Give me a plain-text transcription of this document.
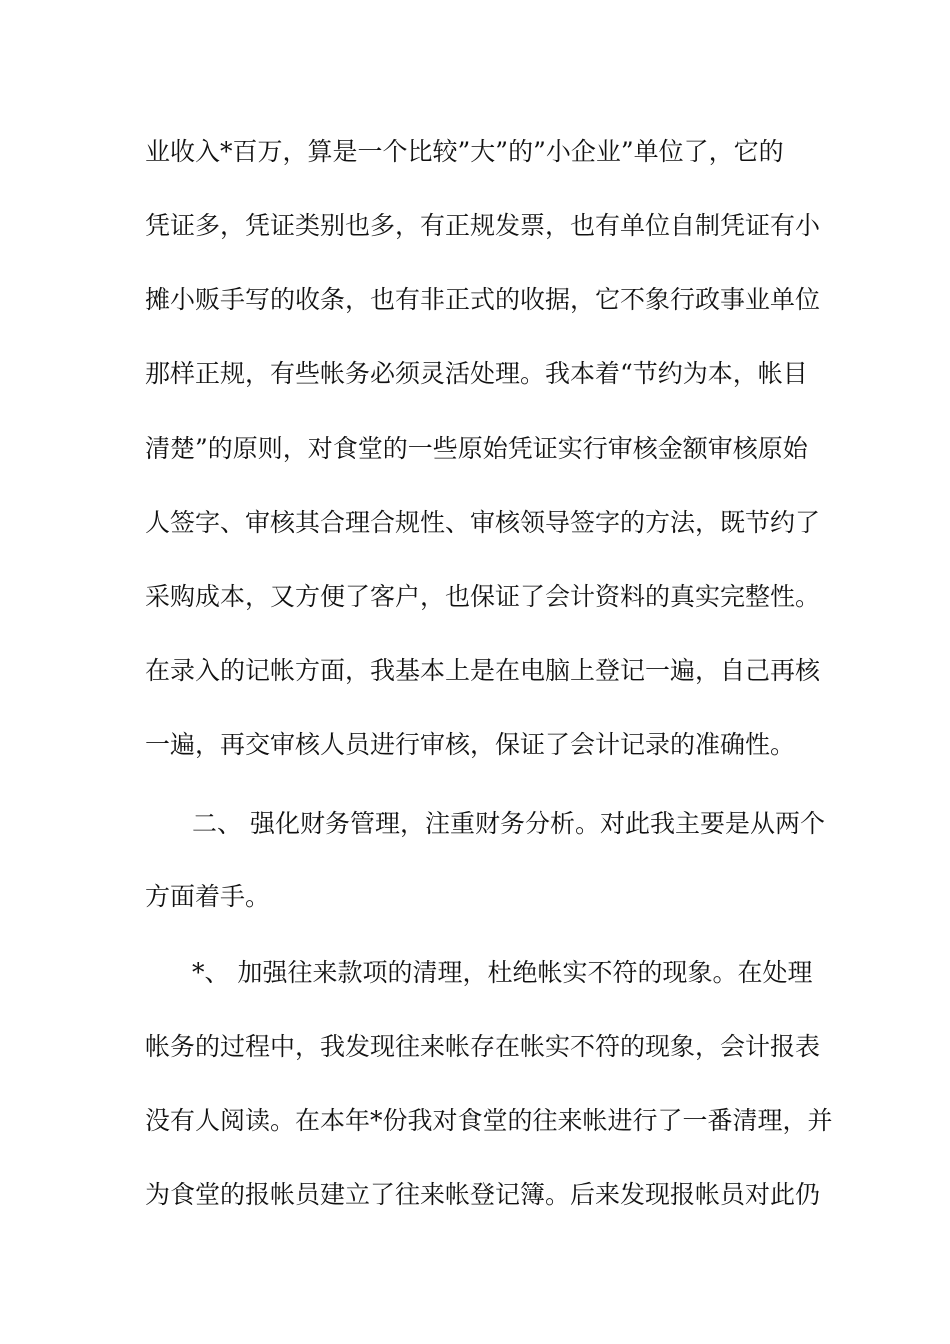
业收入*百万，算是一个比较”大”的”小企业”单位了，它的
凭证多，凭证类别也多，有正规发票，也有单位自制凭证有小
摊小贩手写的收条，也有非正式的收据，它不象行政事业单位
那样正规，有些帐务必须灵活处理。我本着“节约为本，帐目
清楚”的原则，对食堂的一些原始凭证实行审核金额审核原始
人签字、审核其合理合规性、审核领导签字的方法，既节约了
采购成本，又方便了客户，也保证了会计资料的真实完整性。
在录入的记帐方面，我基本上是在电脑上登记一遍，自己再核
一遍，再交审核人员进行审核，保证了会计记录的准确性。
二、 强化财务管理，注重财务分析。对此我主要是从两个
方面着手。
*、 加强往来款项的清理，杜绝帐实不符的现象。在处理
帐务的过程中，我发现往来帐存在帐实不符的现象，会计报表
没有人阅读。在本年*份我对食堂的往来帐进行了一番清理，并
为食堂的报帐员建立了往来帐登记簿。后来发现报帐员对此仍
